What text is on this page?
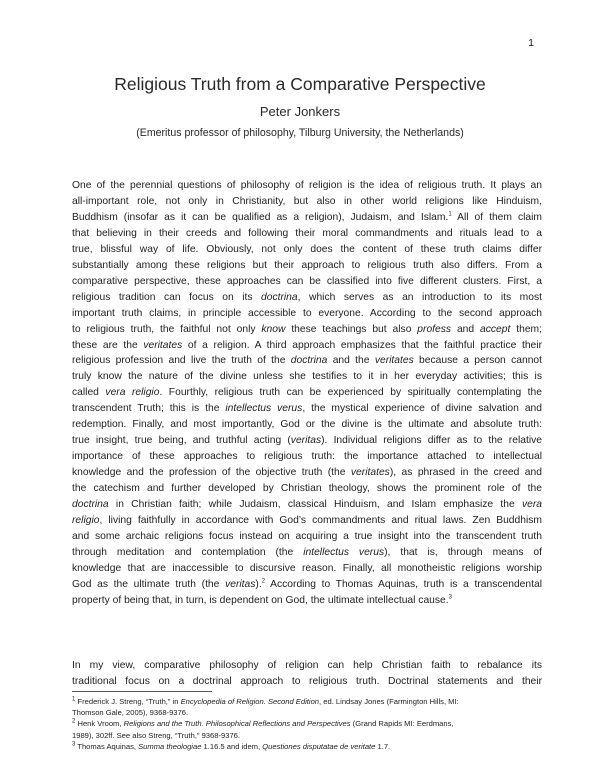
1
Religious Truth from a Comparative Perspective
Peter Jonkers
(Emeritus professor of philosophy, Tilburg University, the Netherlands)

One of the perennial questions of philosophy of religion is the idea of religious truth. It plays an
all-important role, not only in Christianity, but also in other world religions like Hinduism,
Buddhism (insofar as it can be qualified as a religion), Judaism, and Islam.$^1$ All of them claim
that believing in their creeds and following their moral commandments and rituals lead to a
true, blissful way of life. Obviously, not only does the content of these truth claims differ
substantially among these religions but their approach to religious truth also differs. From a
comparative perspective, these approaches can be classified into five different clusters. First, a
religious tradition can focus on its doctrina, which serves as an introduction to its most
important truth claims, in principle accessible to everyone. According to the second approach
to religious truth, the faithful not only know these teachings but also profess and accept them;
these are the veritates of a religion. A third approach emphasizes that the faithful practice their
religious profession and live the truth of the doctrina and the veritates because a person cannot
truly know the nature of the divine unless she testifies to it in her everyday activities; this is
called vera religio. Fourthly, religious truth can be experienced by spiritually contemplating the
transcendent Truth; this is the intellectus verus, the mystical experience of divine salvation and
redemption. Finally, and most importantly, God or the divine is the ultimate and absolute truth:
true insight, true being, and truthful acting (veritas). Individual religions differ as to the relative
importance of these approaches to religious truth: the importance attached to intellectual
knowledge and the profession of the objective truth (the veritates), as phrased in the creed and
the catechism and further developed by Christian theology, shows the prominent role of the
doctrina in Christian faith; while Judaism, classical Hinduism, and Islam emphasize the vera
religio, living faithfully in accordance with God’s commandments and ritual laws. Zen Buddhism
and some archaic religions focus instead on acquiring a true insight into the transcendent truth
through meditation and contemplation (the intellectus verus), that is, through means of
knowledge that are inaccessible to discursive reason. Finally, all monotheistic religions worship
God as the ultimate truth (the veritas).$^2$ According to Thomas Aquinas, truth is a transcendental
property of being that, in turn, is dependent on God, the ultimate intellectual cause.$^3$

In my view, comparative philosophy of religion can help Christian faith to rebalance its
traditional focus on a doctrinal approach to religious truth. Doctrinal statements and their

$^1$ Frederick J. Streng, “Truth,” in Encyclopedia of Religion. Second Edition, ed. Lindsay Jones (Farmington Hills, MI:
Thomson Gale, 2005), 9368-9376.
$^2$ Henk Vroom, Religions and the Truth. Philosophical Reflections and Perspectives (Grand Rapids MI: Eerdmans,
1989), 302ff. See also Streng, “Truth,” 9368-9376.
$^3$ Thomas Aquinas, Summa theologiae 1.16.5 and idem, Questiones disputatae de veritate 1.7.
